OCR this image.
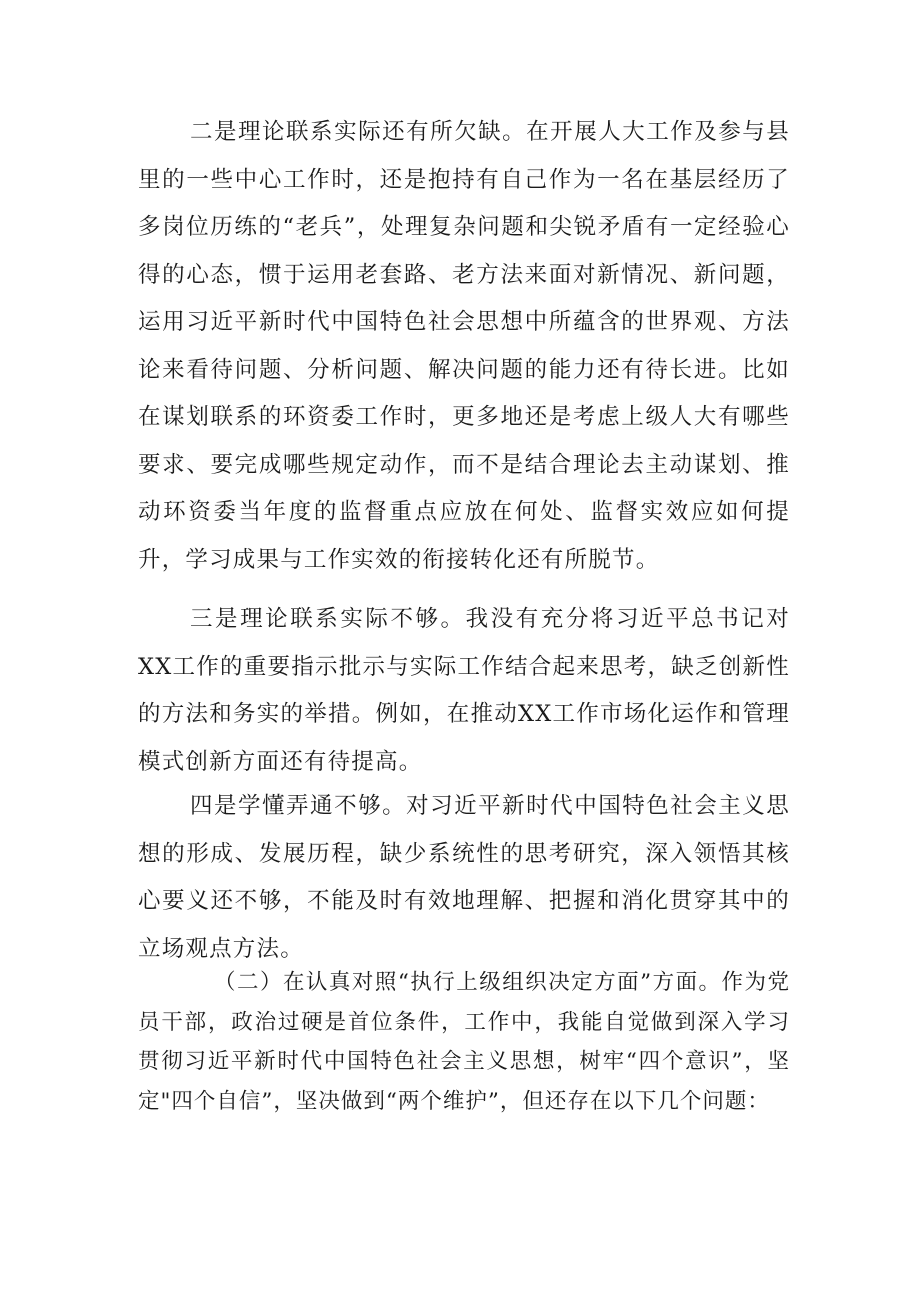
二是理论联系实际还有所欠缺。在开展人大工作及参与县里的一些中心工作时，还是抱持有自己作为一名在基层经历了多岗位历练的“老兵”，处理复杂问题和尖锐矛盾有一定经验心得的心态，惯于运用老套路、老方法来面对新情况、新问题，运用习近平新时代中国特色社会思想中所蕴含的世界观、方法论来看待问题、分析问题、解决问题的能力还有待长进。比如在谋划联系的环资委工作时，更多地还是考虑上级人大有哪些要求、要完成哪些规定动作，而不是结合理论去主动谋划、推动环资委当年度的监督重点应放在何处、监督实效应如何提升，学习成果与工作实效的衔接转化还有所脱节。

三是理论联系实际不够。我没有充分将习近平总书记对XX工作的重要指示批示与实际工作结合起来思考，缺乏创新性的方法和务实的举措。例如，在推动XX工作市场化运作和管理模式创新方面还有待提高。

四是学懂弄通不够。对习近平新时代中国特色社会主义思想的形成、发展历程，缺少系统性的思考研究，深入领悟其核心要义还不够，不能及时有效地理解、把握和消化贯穿其中的立场观点方法。

（二）在认真对照“执行上级组织决定方面”方面。作为党员干部，政治过硬是首位条件，工作中，我能自觉做到深入学习贯彻习近平新时代中国特色社会主义思想，树牢“四个意识”，坚定"四个自信”，坚决做到“两个维护”，但还存在以下几个问题：
